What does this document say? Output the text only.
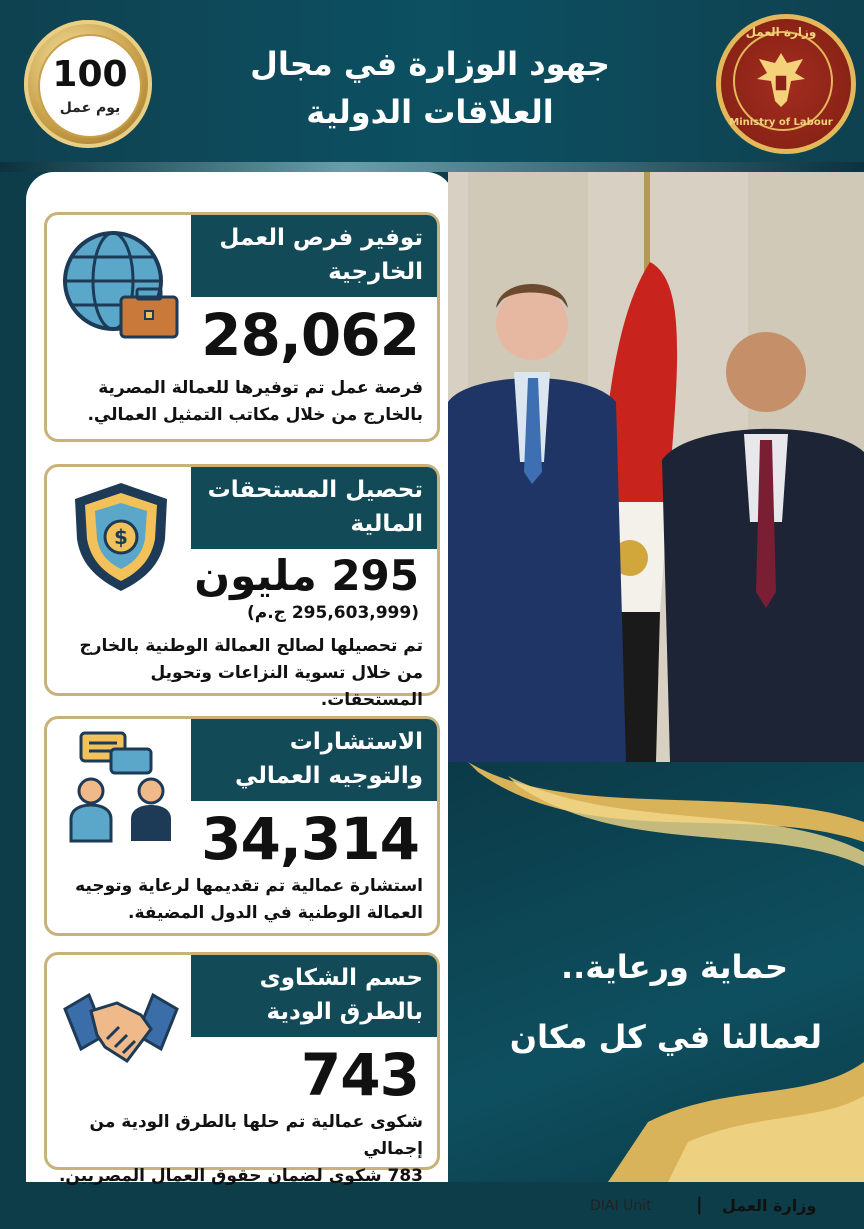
100
يوم عمل
جهود الوزارة في مجال
العلاقات الدولية
وزارة العمل
Ministry of Labour
توفير فرص العمل
الخارجية
28,062
فرصة عمل تم توفيرها للعمالة المصرية
بالخارج من خلال مكاتب التمثيل العمالي.
تحصيل المستحقات
المالية
$
295 مليون
(295,603,999 ج.م)
تم تحصيلها لصالح العمالة الوطنية بالخارج
من خلال تسوية النزاعات وتحويل المستحقات.
الاستشارات
والتوجيه العمالي
34,314
استشارة عمالية تم تقديمها لرعاية وتوجيه
العمالة الوطنية في الدول المضيفة.
حسم الشكاوى
بالطرق الودية
743
شكوى عمالية تم حلها بالطرق الودية من إجمالي
783 شكوى لضمان حقوق العمال المصريين.
حماية ورعاية..
لعمالنا في كل مكان
DIAI Unit | وزارة العمل
